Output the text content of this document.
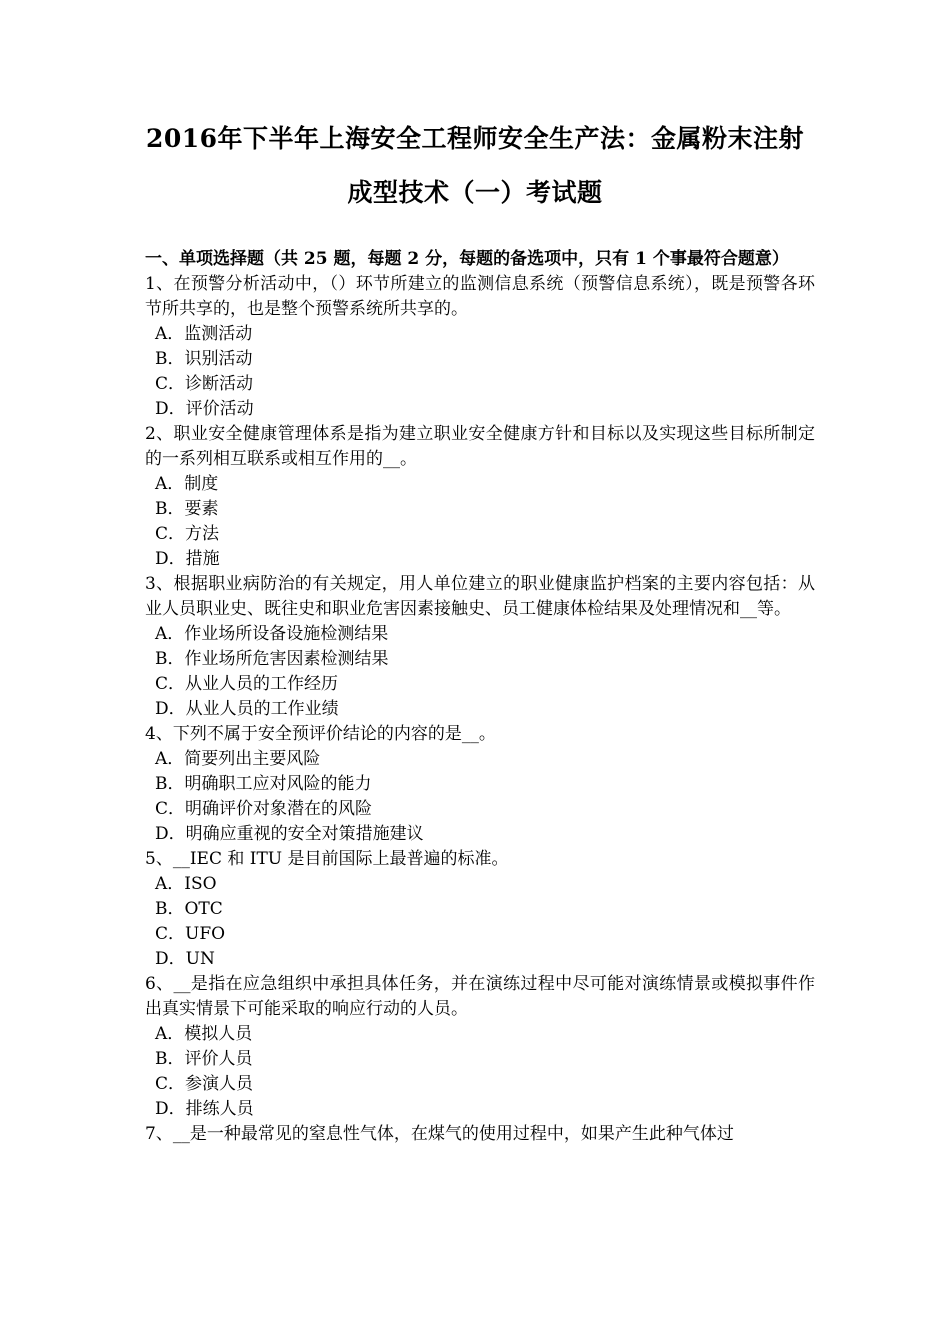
2016年下半年上海安全工程师安全生产法：金属粉末注射
成型技术（一）考试题
一、单项选择题（共 25 题，每题 2 分，每题的备选项中，只有 1 个事最符合题意）
1、在预警分析活动中，（）环节所建立的监测信息系统（预警信息系统），既是预警各环节所共享的，也是整个预警系统所共享的。
A．监测活动
B．识别活动
C．诊断活动
D．评价活动
2、职业安全健康管理体系是指为建立职业安全健康方针和目标以及实现这些目标所制定的一系列相互联系或相互作用的__。
A．制度
B．要素
C．方法
D．措施
3、根据职业病防治的有关规定，用人单位建立的职业健康监护档案的主要内容包括：从业人员职业史、既往史和职业危害因素接触史、员工健康体检结果及处理情况和__等。
A．作业场所设备设施检测结果
B．作业场所危害因素检测结果
C．从业人员的工作经历
D．从业人员的工作业绩
4、下列不属于安全预评价结论的内容的是__。
A．简要列出主要风险
B．明确职工应对风险的能力
C．明确评价对象潜在的风险
D．明确应重视的安全对策措施建议
5、__IEC 和 ITU 是目前国际上最普遍的标准。
A．ISO
B．OTC
C．UFO
D．UN
6、__是指在应急组织中承担具体任务，并在演练过程中尽可能对演练情景或模拟事件作出真实情景下可能采取的响应行动的人员。
A．模拟人员
B．评价人员
C．参演人员
D．排练人员
7、__是一种最常见的窒息性气体，在煤气的使用过程中，如果产生此种气体过
